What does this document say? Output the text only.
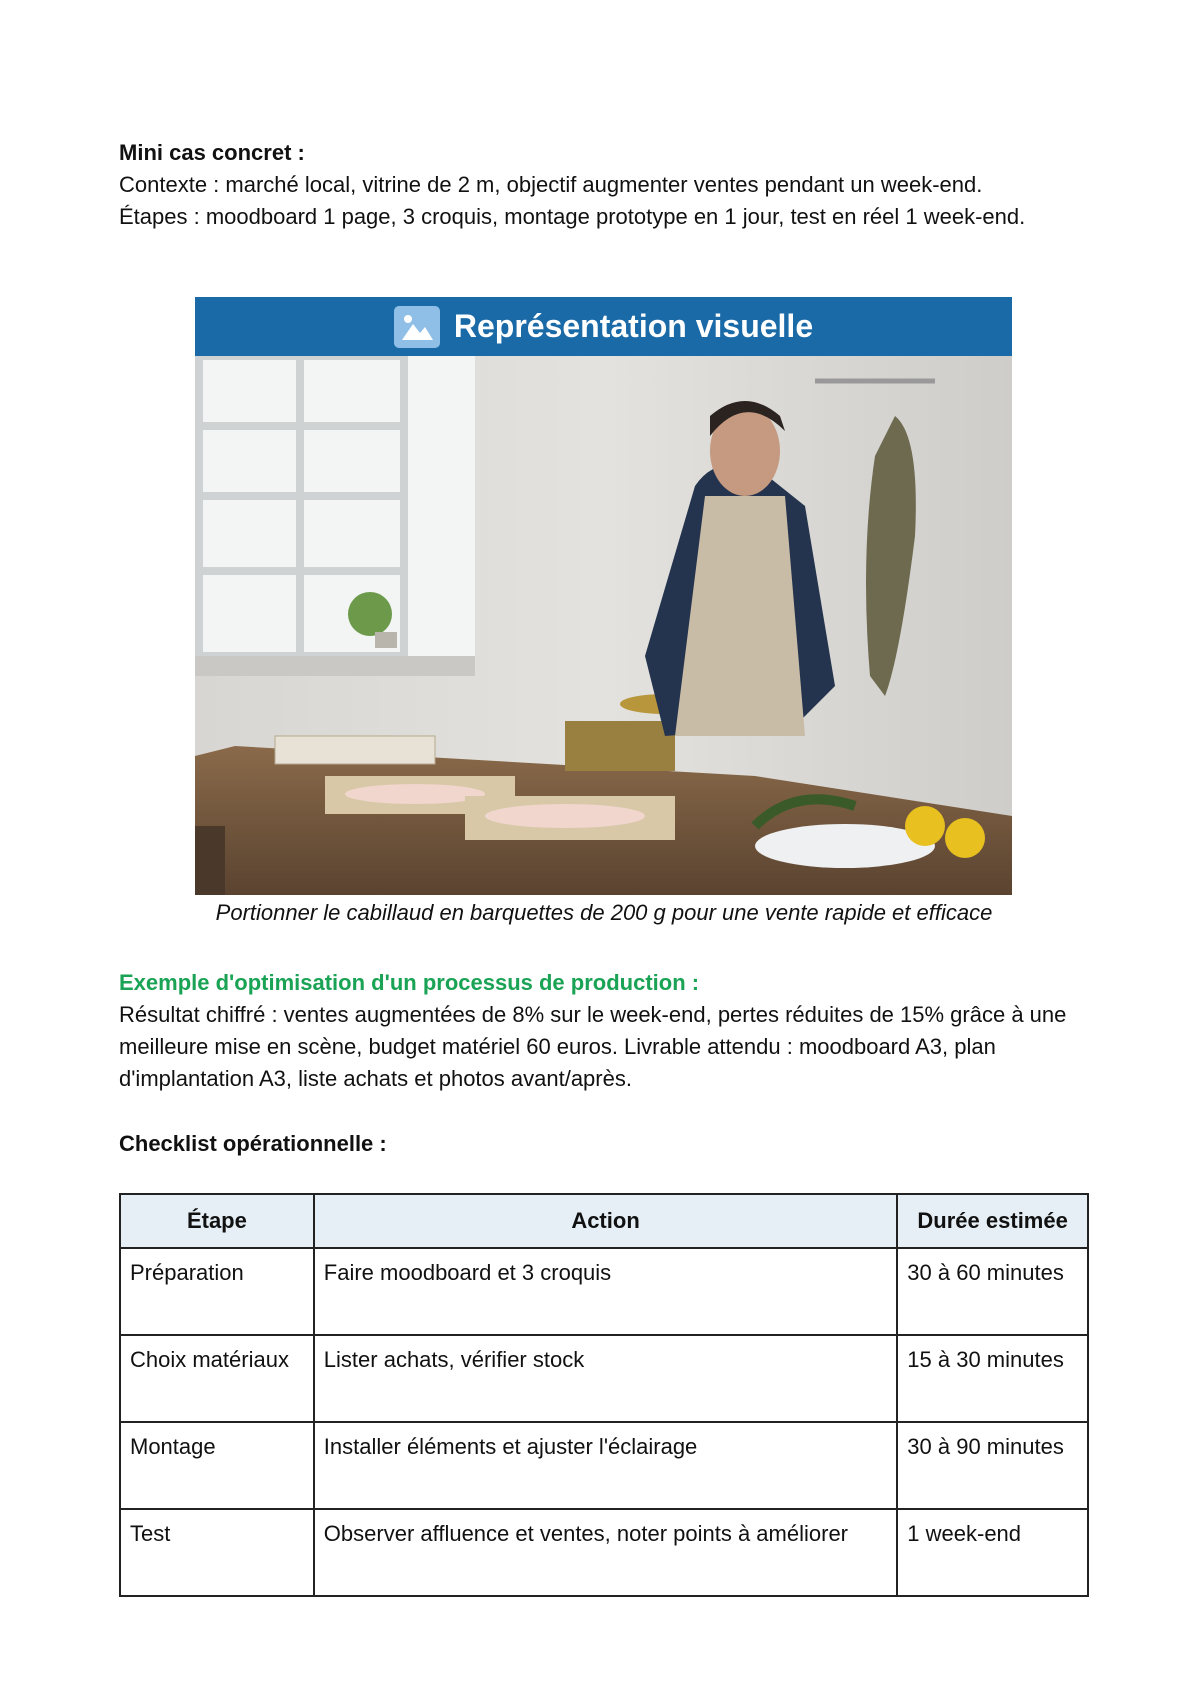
Mini cas concret :
Contexte : marché local, vitrine de 2 m, objectif augmenter ventes pendant un week-end.
Étapes : moodboard 1 page, 3 croquis, montage prototype en 1 jour, test en réel 1 week-end.
Représentation visuelle
Portionner le cabillaud en barquettes de 200 g pour une vente rapide et efficace
Exemple d'optimisation d'un processus de production :
Résultat chiffré : ventes augmentées de 8% sur le week-end, pertes réduites de 15% grâce à une meilleure mise en scène, budget matériel 60 euros. Livrable attendu : moodboard A3, plan d'implantation A3, liste achats et photos avant/après.
Checklist opérationnelle :
Étape	Action	Durée estimée
Préparation	Faire moodboard et 3 croquis	30 à 60 minutes
Choix matériaux	Lister achats, vérifier stock	15 à 30 minutes
Montage	Installer éléments et ajuster l'éclairage	30 à 90 minutes
Test	Observer affluence et ventes, noter points à améliorer	1 week-end
